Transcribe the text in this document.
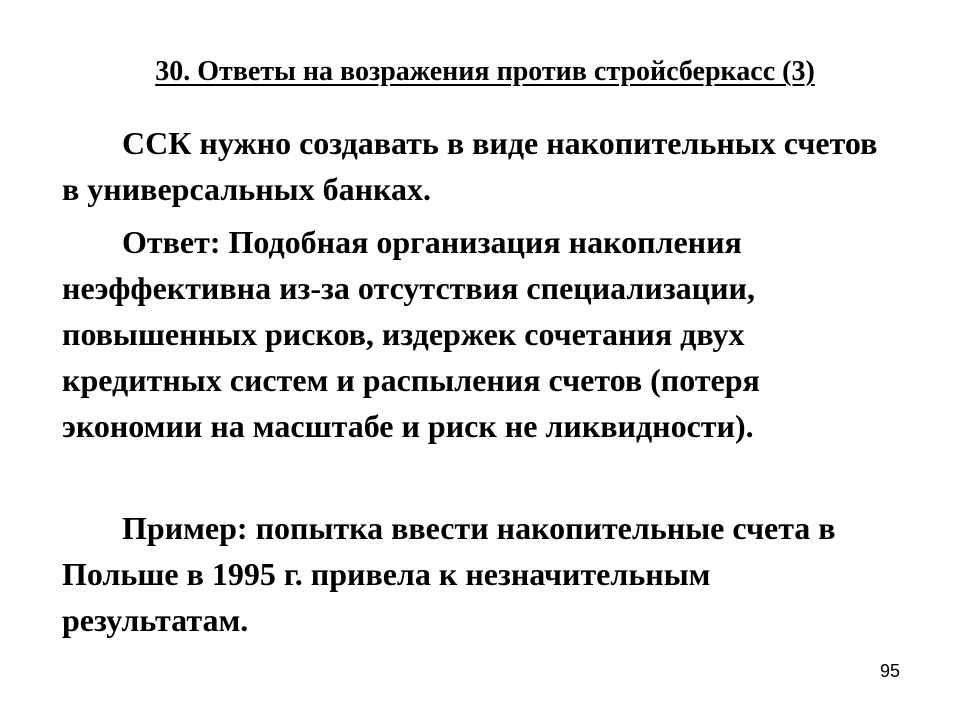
30. Ответы на возражения против стройсберкасс (3)

ССК нужно создавать в виде накопительных счетов в универсальных банках.

Ответ: Подобная организация накопления неэффективна из-за отсутствия специализации, повышенных рисков, издержек сочетания двух кредитных систем и распыления счетов (потеря экономии на масштабе и риск не ликвидности).

Пример: попытка ввести накопительные счета в Польше в 1995 г. привела к незначительным результатам.

95
